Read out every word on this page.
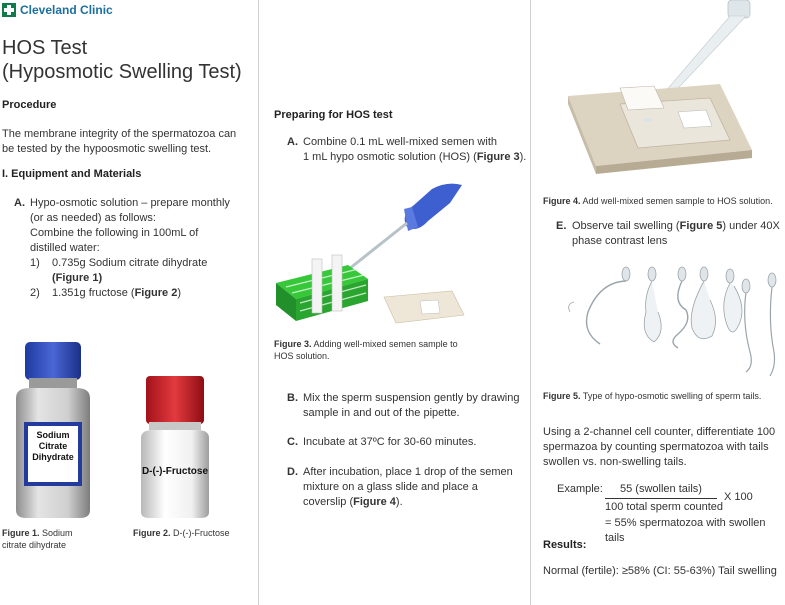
Cleveland Clinic
HOS Test
(Hyposmotic Swelling Test)
Procedure
The membrane integrity of the spermatozoa can be tested by the hypoosmotic swelling test.
I. Equipment and Materials
A. Hypo-osmotic solution – prepare monthly
(or as needed) as follows:
Combine the following in 100mL of
distilled water:
1) 0.735g Sodium citrate dihydrate
(Figure 1)
2) 1.351g fructose (Figure 2)
Sodium
Citrate
Dihydrate
D-(-)-Fructose
Figure 1. Sodium
citrate dihydrate
Figure 2. D-(-)-Fructose
Preparing for HOS test
A. Combine 0.1 mL well-mixed semen with
1 mL hypo osmotic solution (HOS) (Figure 3).
Figure 3. Adding well-mixed semen sample to
HOS solution.
B. Mix the sperm suspension gently by drawing
sample in and out of the pipette.
C. Incubate at 37ºC for 30-60 minutes.
D. After incubation, place 1 drop of the semen
mixture on a glass slide and place a
coverslip (Figure 4).
Figure 4. Add well-mixed semen sample to HOS solution.
E. Observe tail swelling (Figure 5) under 40X
phase contrast lens
Figure 5. Type of hypo-osmotic swelling of sperm tails.
Using a 2-channel cell counter, differentiate 100
spermazoa by counting spermatozoa with tails
swollen vs. non-swelling tails.
Example: 55 (swollen tails)
100 total sperm counted
X 100
= 55% spermatozoa with swollen tails
Results:
Normal (fertile): ≥58% (CI: 55-63%) Tail swelling
